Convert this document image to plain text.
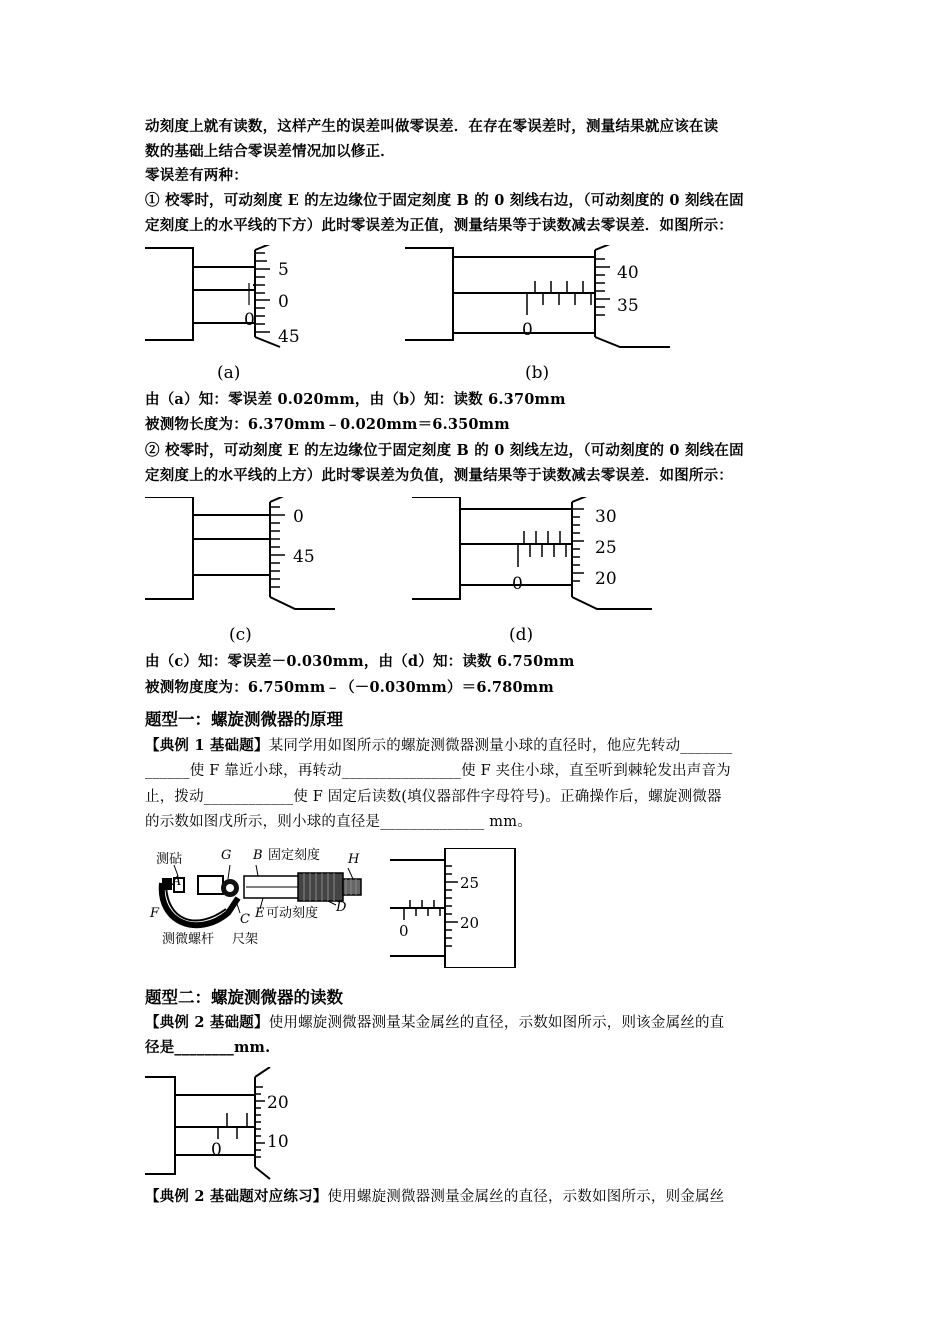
动刻度上就有读数，这样产生的误差叫做零误差．在存在零误差时，测量结果就应该在读
数的基础上结合零误差情况加以修正．
零误差有两种：
① 校零时，可动刻度 E 的左边缘位于固定刻度 B 的 0 刻线右边，（可动刻度的 0 刻线在固
定刻度上的水平线的下方）此时零误差为正值，测量结果等于读数减去零误差．如图所示：
5
0
45
0
(a)
40
35
0
(b)
由（a）知：零误差 0.020mm，由（b）知：读数 6.370mm
被测物长度为：6.370mm﹣0.020mm＝6.350mm
② 校零时，可动刻度 E 的左边缘位于固定刻度 B 的 0 刻线左边，（可动刻度的 0 刻线在固
定刻度上的水平线的上方）此时零误差为负值，测量结果等于读数减去零误差．如图所示：
0
45
(c)
30
25
20
0
(d)
由（c）知：零误差－0.030mm，由（d）知：读数 6.750mm
被测物度度为：6.750mm﹣（－0.030mm）＝6.780mm
题型一：螺旋测微器的原理
【典例 1 基础题】某同学用如图所示的螺旋测微器测量小球的直径时，他应先转动_______
______使 F 靠近小球，再转动________________使 F 夹住小球，直至听到棘轮发出声音为
止，拨动____________使 F 固定后读数(填仪器部件字母符号)。正确操作后，螺旋测微器
的示数如图戊所示，则小球的直径是______________ mm。
测砧
A
G B 固定刻度 H
F	C E 可动刻度 D
测微螺杆 尺架
25
20
0
题型二：螺旋测微器的读数
【典例 2 基础题】使用螺旋测微器测量某金属丝的直径，示数如图所示，则该金属丝的直
径是________mm.
20
10
0
【典例 2 基础题对应练习】使用螺旋测微器测量金属丝的直径，示数如图所示，则金属丝
